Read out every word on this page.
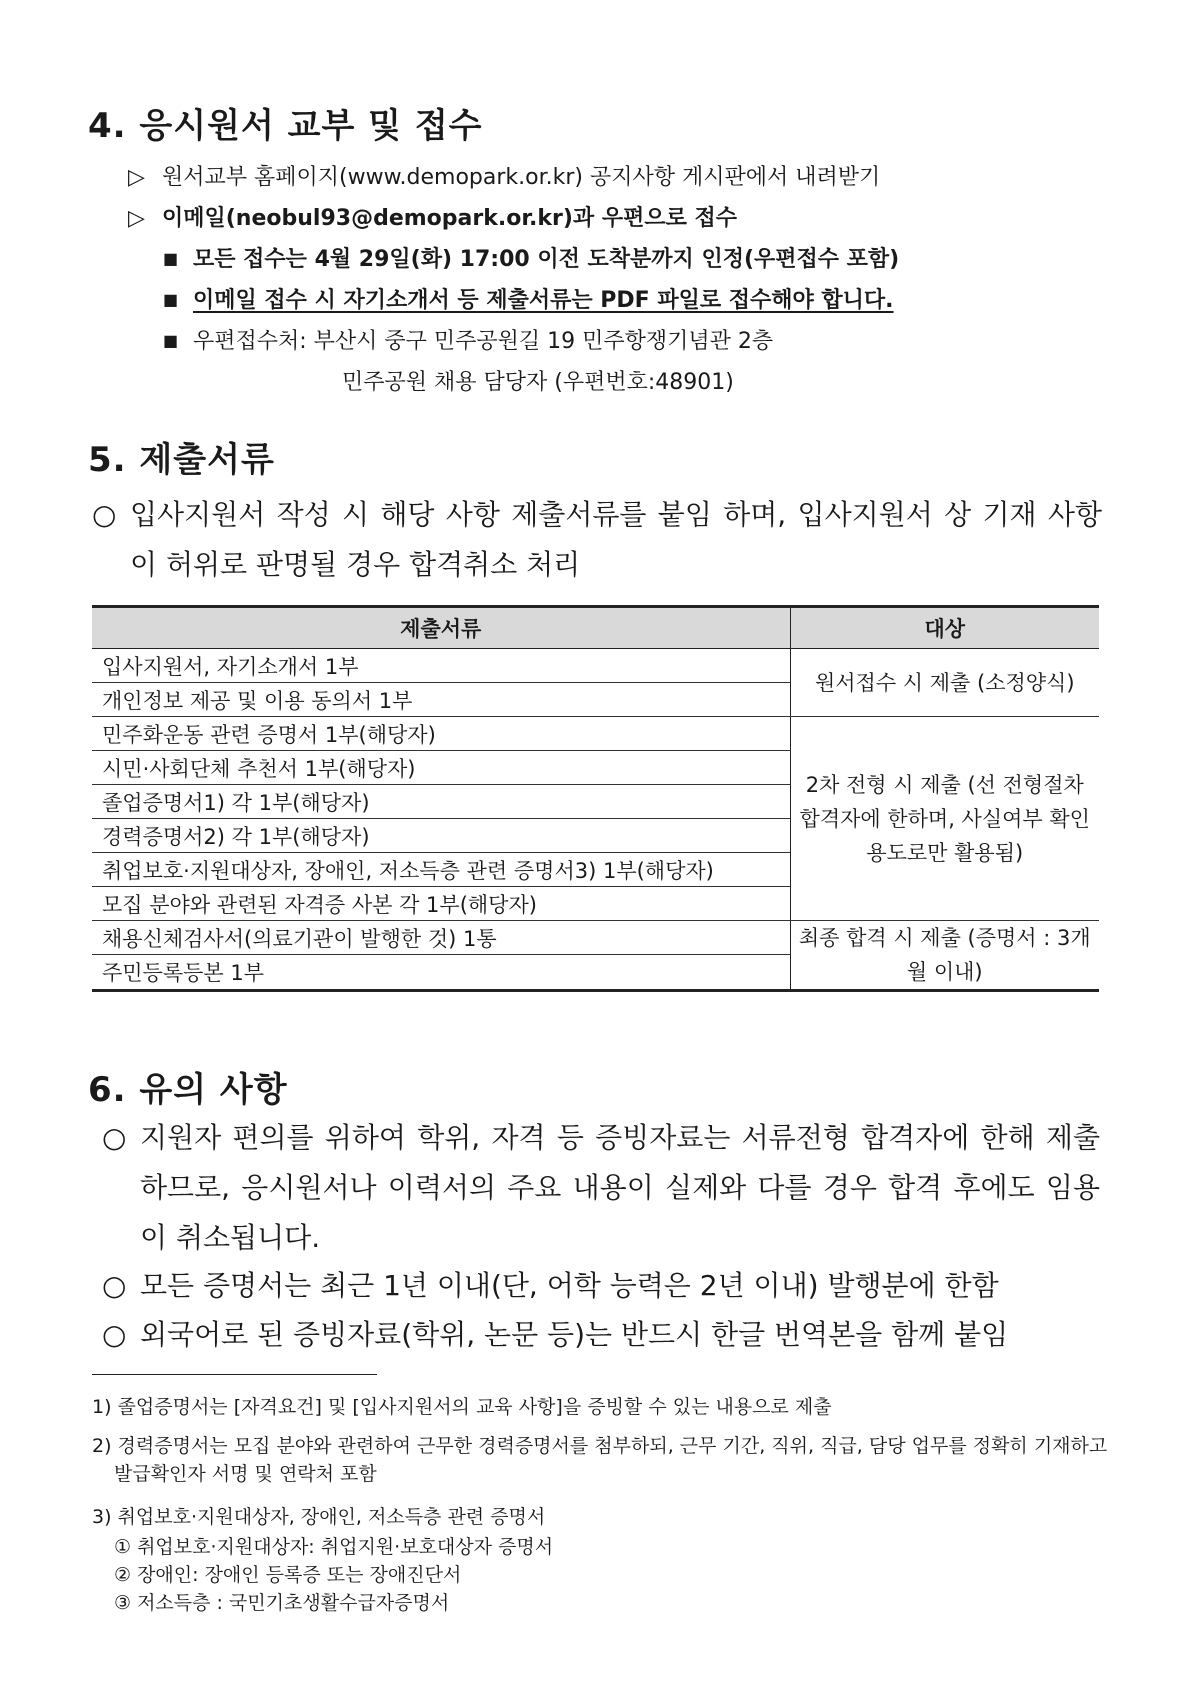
4. 응시원서 교부 및 접수
▷ 원서교부 홈페이지(www.demopark.or.kr) 공지사항 게시판에서 내려받기
▷ 이메일(neobul93@demopark.or.kr)과 우편으로 접수
■ 모든 접수는 4월 29일(화) 17:00 이전 도착분까지 인정(우편접수 포함)
■ 이메일 접수 시 자기소개서 등 제출서류는 PDF 파일로 접수해야 합니다.
■ 우편접수처: 부산시 중구 민주공원길 19 민주항쟁기념관 2층
민주공원 채용 담당자 (우편번호:48901)
5. 제출서류
○ 입사지원서 작성 시 해당 사항 제출서류를 붙임 하며, 입사지원서 상 기재 사항이 허위로 판명될 경우 합격취소 처리
제출서류	대상
입사지원서, 자기소개서 1부	원서접수 시 제출 (소정양식)
개인정보 제공 및 이용 동의서 1부	
민주화운동 관련 증명서 1부(해당자)	2차 전형 시 제출 (선 전형절차 합격자에 한하며, 사실여부 확인 용도로만 활용됨)
시민·사회단체 추천서 1부(해당자)	
졸업증명서1) 각 1부(해당자)	
경력증명서2) 각 1부(해당자)	
취업보호·지원대상자, 장애인, 저소득층 관련 증명서3) 1부(해당자)	
모집 분야와 관련된 자격증 사본 각 1부(해당자)	
채용신체검사서(의료기관이 발행한 것) 1통	최종 합격 시 제출 (증명서 : 3개월 이내)
주민등록등본 1부	
6. 유의 사항
○ 지원자 편의를 위하여 학위, 자격 등 증빙자료는 서류전형 합격자에 한해 제출하므로, 응시원서나 이력서의 주요 내용이 실제와 다를 경우 합격 후에도 임용이 취소됩니다.
○ 모든 증명서는 최근 1년 이내(단, 어학 능력은 2년 이내) 발행분에 한함
○ 외국어로 된 증빙자료(학위, 논문 등)는 반드시 한글 번역본을 함께 붙임
1) 졸업증명서는 [자격요건] 및 [입사지원서의 교육 사항]을 증빙할 수 있는 내용으로 제출
2) 경력증명서는 모집 분야와 관련하여 근무한 경력증명서를 첨부하되, 근무 기간, 직위, 직급, 담당 업무를 정확히 기재하고 발급확인자 서명 및 연락처 포함
3) 취업보호·지원대상자, 장애인, 저소득층 관련 증명서
① 취업보호·지원대상자: 취업지원·보호대상자 증명서
② 장애인: 장애인 등록증 또는 장애진단서
③ 저소득층 : 국민기초생활수급자증명서
